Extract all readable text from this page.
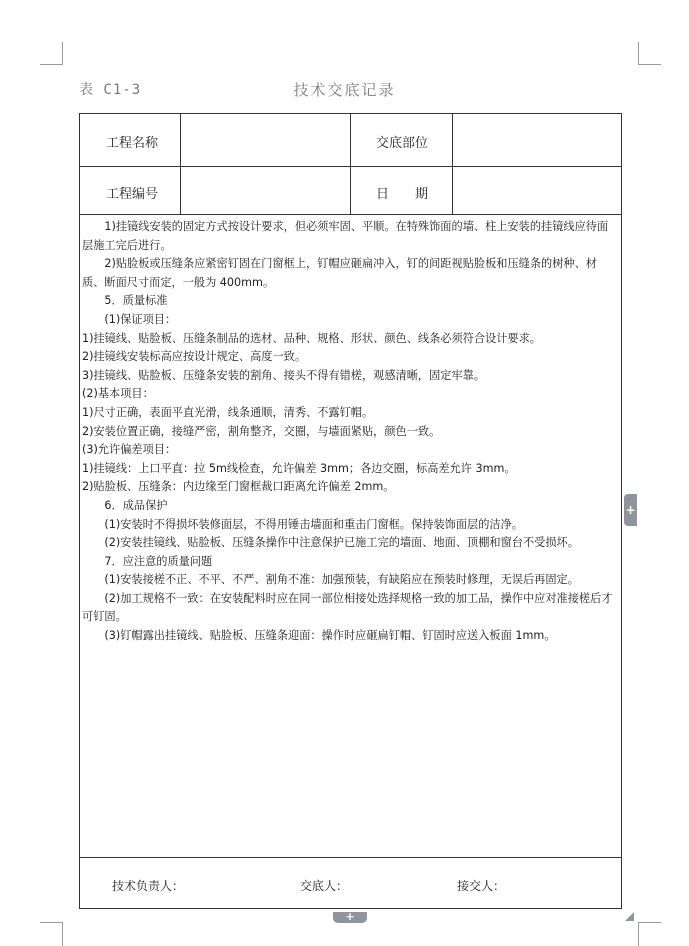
表 C1-3	技术交底记录
工程名称	交底部位
工程编号	日　　期

1)挂镜线安装的固定方式按设计要求，但必须牢固、平顺。在特殊饰面的墙、柱上安装的挂镜线应待面层施工完后进行。

2)贴脸板或压缝条应紧密钉固在门窗框上，钉帽应砸扁冲入，钉的间距视贴脸板和压缝条的树种、材质、断面尺寸而定，一般为 400mm。

5．质量标准

(1)保证项目：

1)挂镜线、贴脸板、压缝条制品的选材、品种、规格、形状、颜色、线条必须符合设计要求。

2)挂镜线安装标高应按设计规定、高度一致。

3)挂镜线、贴脸板、压缝条安装的割角、接头不得有错槎，观感清晰，固定牢靠。

(2)基本项目：

1)尺寸正确，表面平直光滑，线条通顺，清秀、不露钉帽。

2)安装位置正确，接缝严密，割角整齐，交圈，与墙面紧贴，颜色一致。

(3)允许偏差项目：

1)挂镜线：上口平直：拉 5m线检查，允许偏差 3mm；各边交圈，标高差允许 3mm。

2)贴脸板、压缝条：内边缘至门窗框裁口距离允许偏差 2mm。

6．成品保护

(1)安装时不得损坏装修面层，不得用锤击墙面和重击门窗框。保持装饰面层的洁净。

(2)安装挂镜线、贴脸板、压缝条操作中注意保护已施工完的墙面、地面、顶棚和窗台不受损坏。

7．应注意的质量问题

(1)安装接槎不正、不平、不严、割角不准：加强预装，有缺陷应在预装时修理，无误后再固定。

(2)加工规格不一致：在安装配料时应在同一部位相接处选择规格一致的加工品，操作中应对准接槎后才可钉固。

(3)钉帽露出挂镜线、贴脸板、压缝条迎面：操作时应砸扁钉帽、钉固时应送入板面 1mm。

技术负责人：	交底人：	接交人：
+
+
